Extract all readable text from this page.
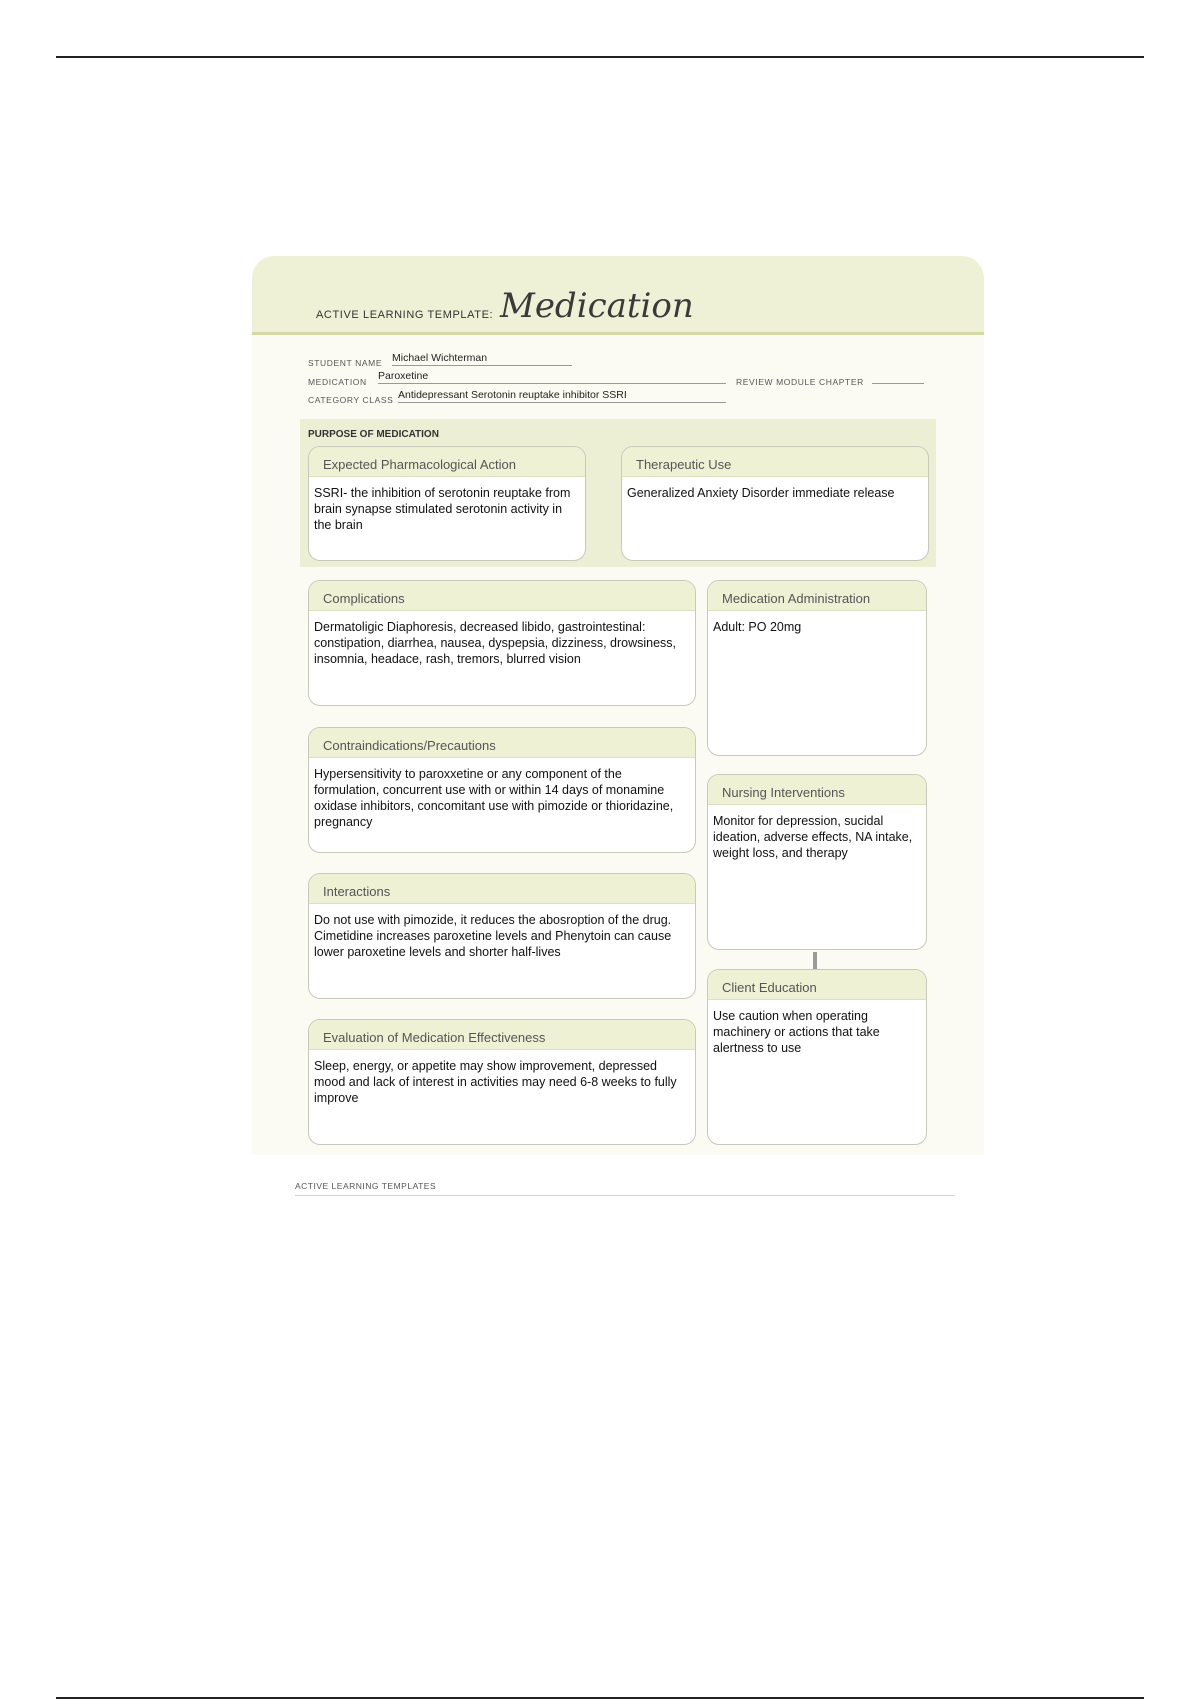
ACTIVE LEARNING TEMPLATE: Medication
STUDENT NAME Michael Wichterman
MEDICATION Paroxetine	REVIEW MODULE CHAPTER
CATEGORY CLASS Antidepressant Serotonin reuptake inhibitor SSRI
PURPOSE OF MEDICATION
Expected Pharmacological Action
SSRI- the inhibition of serotonin reuptake from brain synapse stimulated serotonin activity in the brain
Therapeutic Use
Generalized Anxiety Disorder immediate release
Complications
Dermatoligic Diaphoresis, decreased libido, gastrointestinal: constipation, diarrhea, nausea, dyspepsia, dizziness, drowsiness, insomnia, headace, rash, tremors, blurred vision
Contraindications/Precautions
Hypersensitivity to paroxxetine or any component of the formulation, concurrent use with or within 14 days of monamine oxidase inhibitors, concomitant use with pimozide or thioridazine, pregnancy
Interactions
Do not use with pimozide, it reduces the abosroption of the drug. Cimetidine increases paroxetine levels and Phenytoin can cause lower paroxetine levels and shorter half-lives
Evaluation of Medication Effectiveness
Sleep, energy, or appetite may show improvement, depressed mood and lack of interest in activities may need 6-8 weeks to fully improve
Medication Administration
Adult: PO 20mg
Nursing Interventions
Monitor for depression, sucidal ideation, adverse effects, NA intake, weight loss, and therapy
Client Education
Use caution when operating machinery or actions that take alertness to use
ACTIVE LEARNING TEMPLATES
